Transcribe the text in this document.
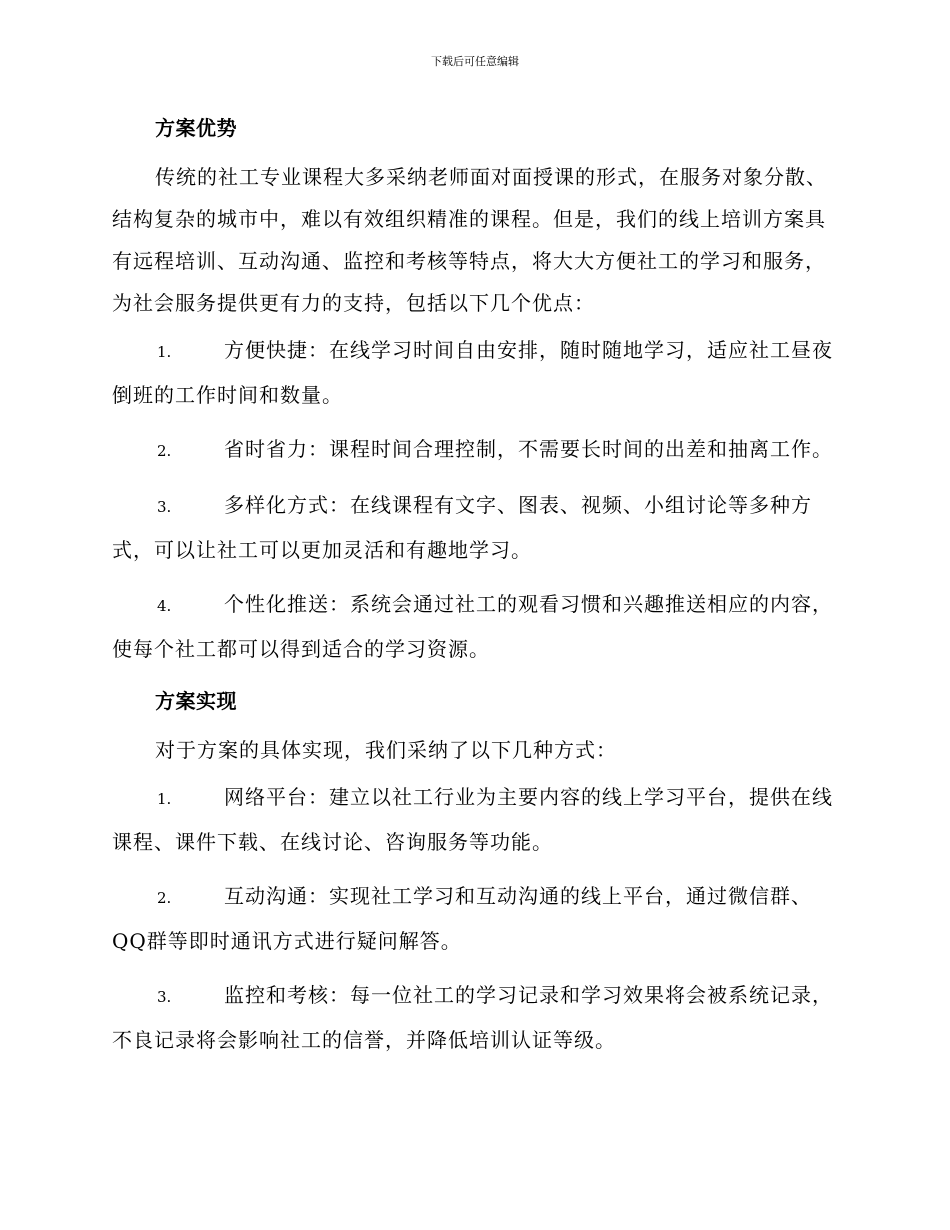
下载后可任意编辑
方案优势

传统的社工专业课程大多采纳老师面对面授课的形式，在服务对象分散、结构复杂的城市中，难以有效组织精准的课程。但是，我们的线上培训方案具有远程培训、互动沟通、监控和考核等特点，将大大方便社工的学习和服务，为社会服务提供更有力的支持，包括以下几个优点：

1.	方便快捷：在线学习时间自由安排，随时随地学习，适应社工昼夜倒班的工作时间和数量。

2.	省时省力：课程时间合理控制，不需要长时间的出差和抽离工作。

3.	多样化方式：在线课程有文字、图表、视频、小组讨论等多种方式，可以让社工可以更加灵活和有趣地学习。

4.	个性化推送：系统会通过社工的观看习惯和兴趣推送相应的内容，使每个社工都可以得到适合的学习资源。

方案实现

对于方案的具体实现，我们采纳了以下几种方式：

1.	网络平台：建立以社工行业为主要内容的线上学习平台，提供在线课程、课件下载、在线讨论、咨询服务等功能。

2.	互动沟通：实现社工学习和互动沟通的线上平台，通过微信群、QQ群等即时通讯方式进行疑问解答。

3.	监控和考核：每一位社工的学习记录和学习效果将会被系统记录，不良记录将会影响社工的信誉，并降低培训认证等级。
